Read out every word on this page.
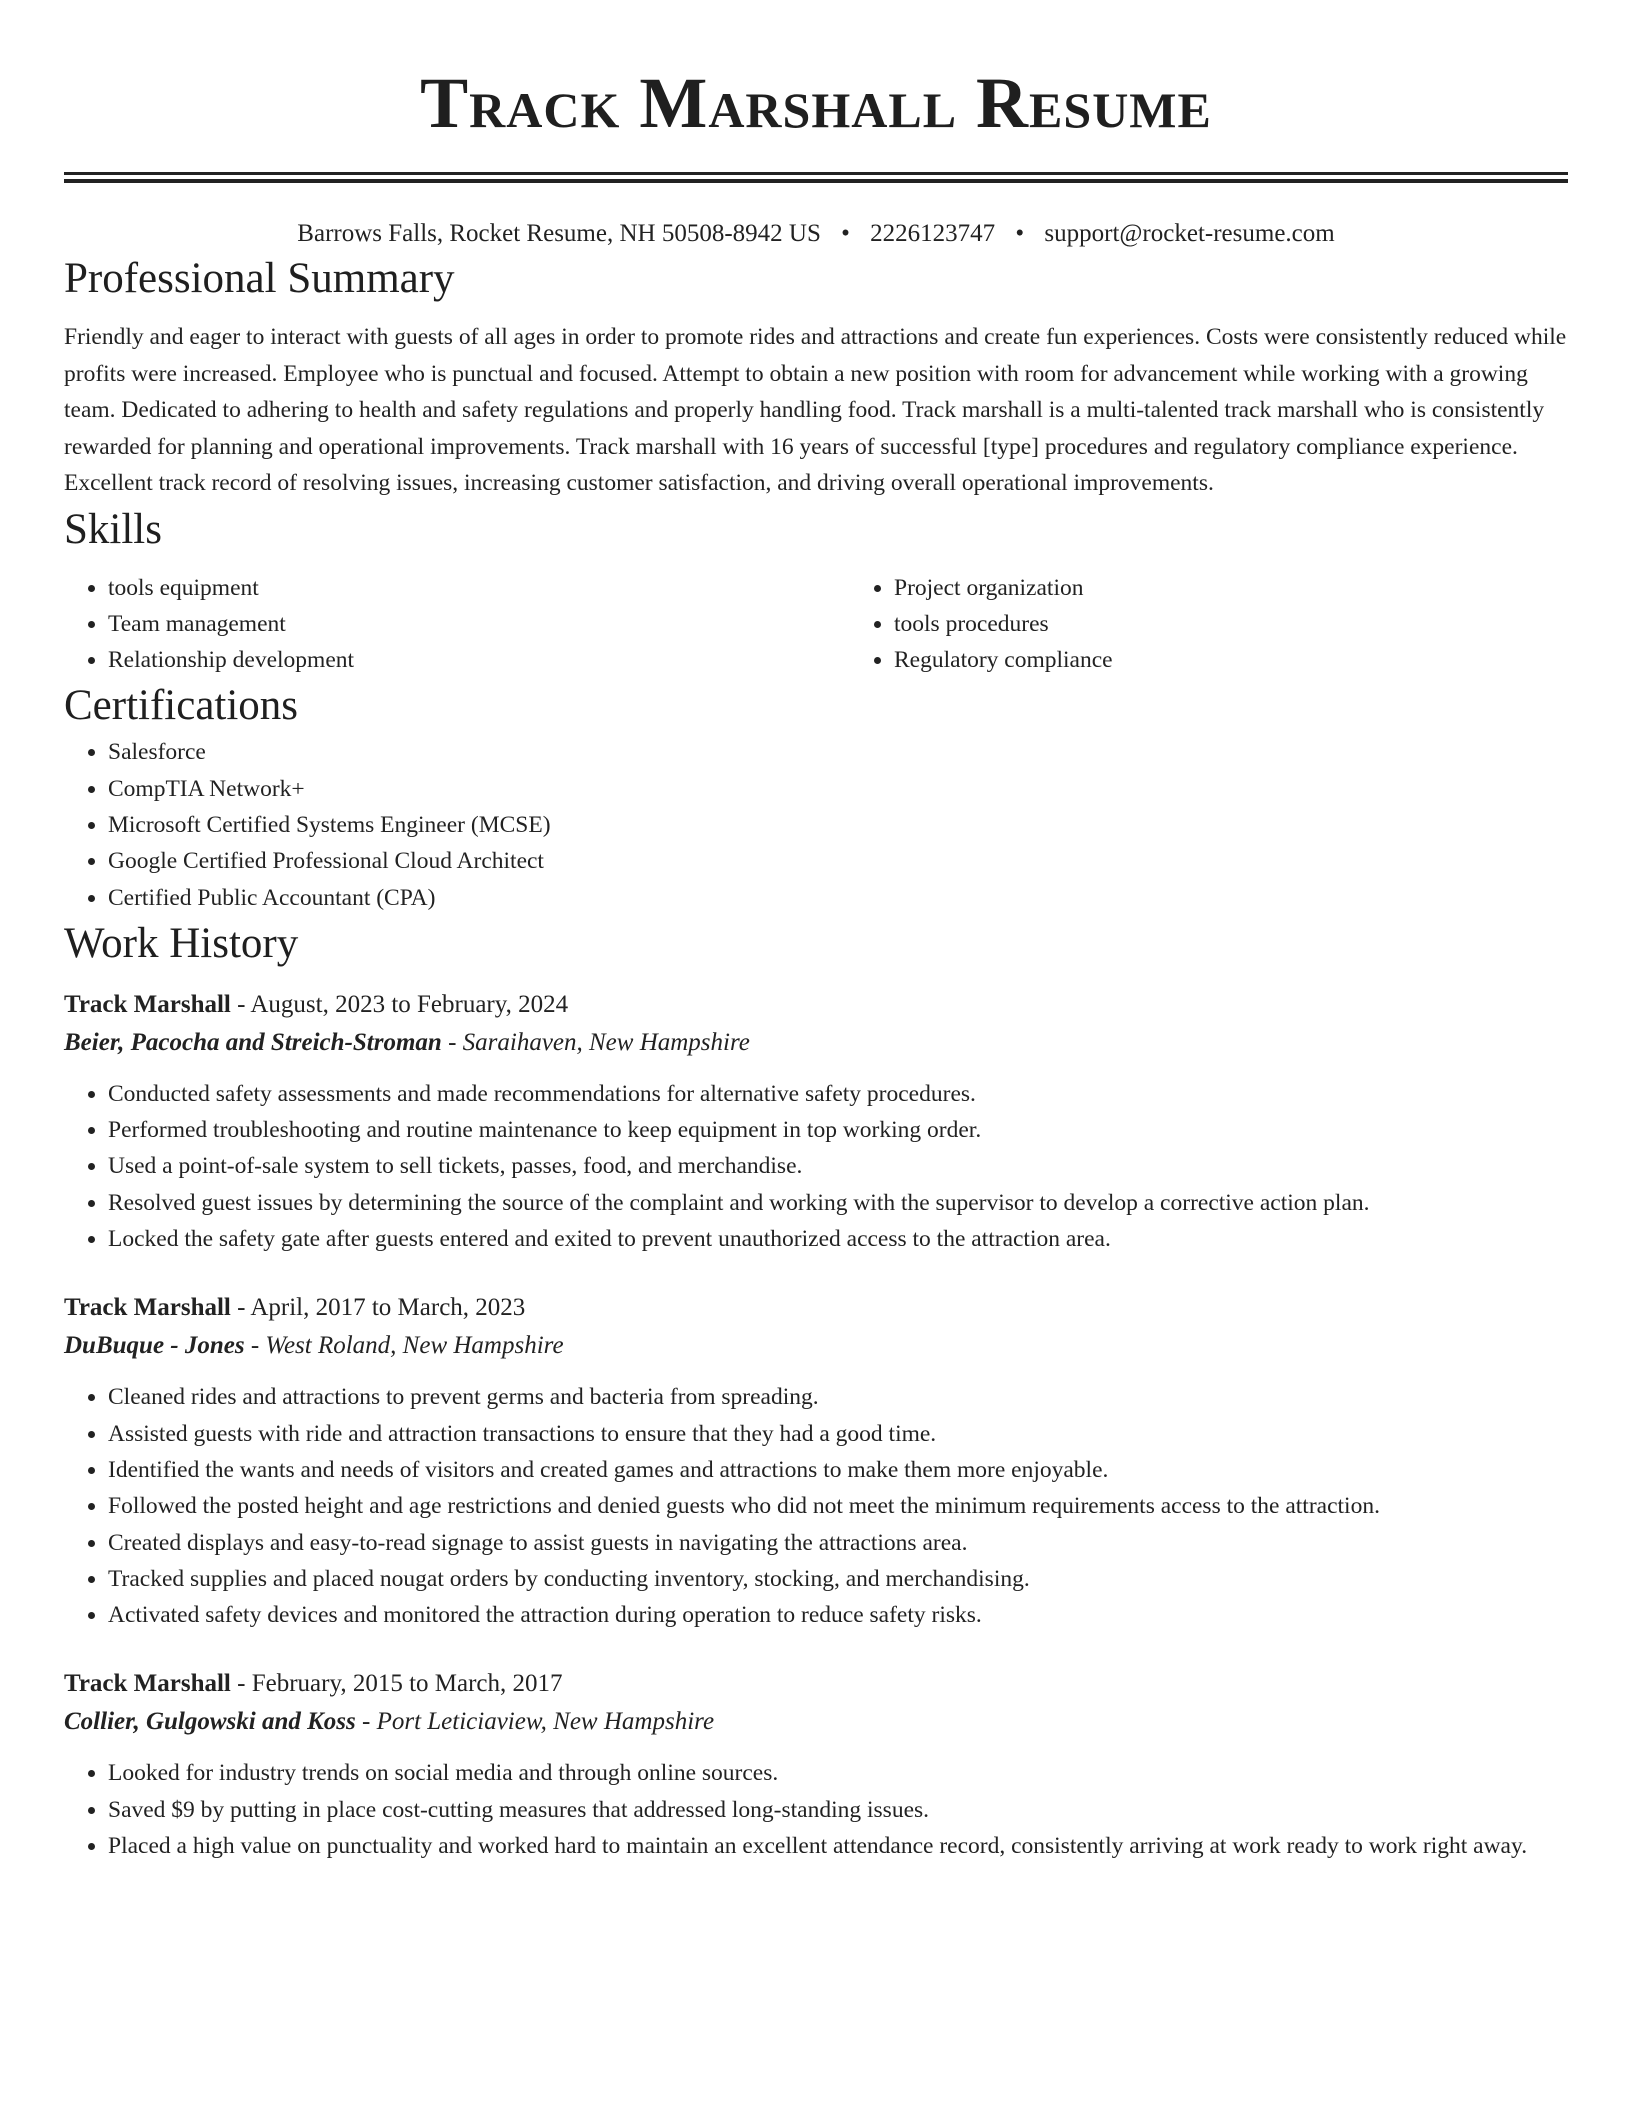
Track Marshall Resume
Barrows Falls, Rocket Resume, NH 50508-8942 US • 2226123747 • support@rocket-resume.com
Professional Summary

Friendly and eager to interact with guests of all ages in order to promote rides and attractions and create fun experiences. Costs were consistently reduced while profits were increased. Employee who is punctual and focused. Attempt to obtain a new position with room for advancement while working with a growing team. Dedicated to adhering to health and safety regulations and properly handling food. Track marshall is a multi-talented track marshall who is consistently rewarded for planning and operational improvements. Track marshall with 16 years of successful [type] procedures and regulatory compliance experience. Excellent track record of resolving issues, increasing customer satisfaction, and driving overall operational improvements.

Skills
• tools equipment
• Team management
• Relationship development
• Project organization
• tools procedures
• Regulatory compliance
Certifications
• Salesforce
• CompTIA Network+
• Microsoft Certified Systems Engineer (MCSE)
• Google Certified Professional Cloud Architect
• Certified Public Accountant (CPA)
Work History
Track Marshall - August, 2023 to February, 2024
Beier, Pacocha and Streich-Stroman - Saraihaven, New Hampshire
• Conducted safety assessments and made recommendations for alternative safety procedures.
• Performed troubleshooting and routine maintenance to keep equipment in top working order.
• Used a point-of-sale system to sell tickets, passes, food, and merchandise.
• Resolved guest issues by determining the source of the complaint and working with the supervisor to develop a corrective action plan.
• Locked the safety gate after guests entered and exited to prevent unauthorized access to the attraction area.
Track Marshall - April, 2017 to March, 2023
DuBuque - Jones - West Roland, New Hampshire
• Cleaned rides and attractions to prevent germs and bacteria from spreading.
• Assisted guests with ride and attraction transactions to ensure that they had a good time.
• Identified the wants and needs of visitors and created games and attractions to make them more enjoyable.
• Followed the posted height and age restrictions and denied guests who did not meet the minimum requirements access to the attraction.
• Created displays and easy-to-read signage to assist guests in navigating the attractions area.
• Tracked supplies and placed nougat orders by conducting inventory, stocking, and merchandising.
• Activated safety devices and monitored the attraction during operation to reduce safety risks.
Track Marshall - February, 2015 to March, 2017
Collier, Gulgowski and Koss - Port Leticiaview, New Hampshire
• Looked for industry trends on social media and through online sources.
• Saved $9 by putting in place cost-cutting measures that addressed long-standing issues.
• Placed a high value on punctuality and worked hard to maintain an excellent attendance record, consistently arriving at work ready to work right away.
